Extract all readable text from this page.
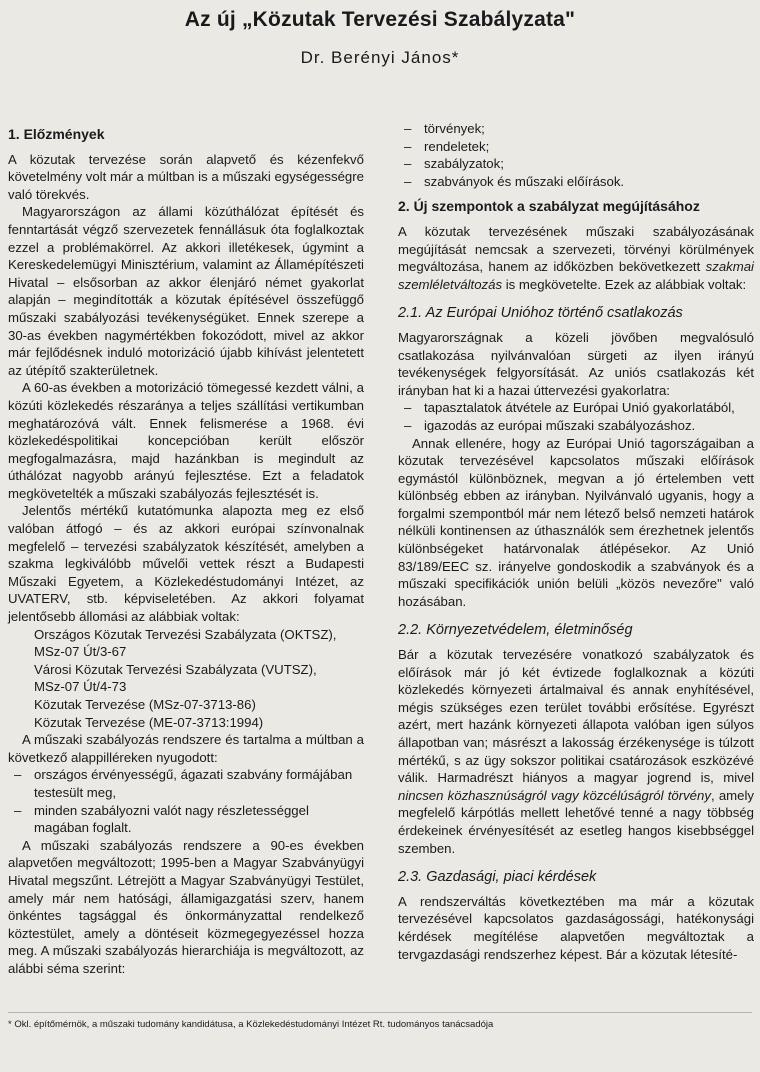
Az új „Közutak Tervezési Szabályzata"
Dr. Berényi János*
1. Előzmények

A közutak tervezése során alapvető és kézenfekvő követelmény volt már a múltban is a műszaki egységességre való törekvés.

Magyarországon az állami közúthálózat építését és fenntartását végző szervezetek fennállásuk óta foglalkoztak ezzel a problémakörrel. Az akkori illetékesek, úgymint a Kereskedelemügyi Minisztérium, valamint az Államépítészeti Hivatal – elsősorban az akkor élenjáró német gyakorlat alapján – megindították a közutak építésével összefüggő műszaki szabályozási tevékenységüket. Ennek szerepe a 30-as években nagymértékben fokozódott, mivel az akkor már fejlődésnek induló motorizáció újabb kihívást jelentetett az útépítő szakterületnek.

A 60-as években a motorizáció tömegessé kezdett válni, a közúti közlekedés részaránya a teljes szállítási vertikumban meghatározóvá vált. Ennek felismerése a 1968. évi közlekedéspolitikai koncepcióban került először megfogalmazásra, majd hazánkban is megindult az úthálózat nagyobb arányú fejlesztése. Ezt a feladatok megkövetelték a műszaki szabályozás fejlesztését is.

Jelentős mértékű kutatómunka alapozta meg ez első valóban átfogó – és az akkori európai színvonalnak megfelelő – tervezési szabályzatok készítését, amelyben a szakma legkiválóbb művelői vettek részt a Budapesti Műszaki Egyetem, a Közlekedéstudományi Intézet, az UVATERV, stb. képviseletében. Az akkori folyamat jelentősebb állomási az alábbiak voltak:

Országos Közutak Tervezési Szabályzata (OKTSZ),
MSz-07 Út/3-67
Városi Közutak Tervezési Szabályzata (VUTSZ),
MSz-07 Út/4-73
Közutak Tervezése (MSz-07-3713-86)
Közutak Tervezése (ME-07-3713:1994)

A műszaki szabályozás rendszere és tartalma a múltban a következő alappilléreken nyugodott:

– országos érvényességű, ágazati szabvány formájában testesült meg,
– minden szabályozni valót nagy részletességgel magában foglalt.

A műszaki szabályozás rendszere a 90-es években alapvetően megváltozott; 1995-ben a Magyar Szabványügyi Hivatal megszűnt. Létrejött a Magyar Szabványügyi Testület, amely már nem hatósági, államigazgatási szerv, hanem önkéntes tagsággal és önkormányzattal rendelkező köztestület, amely a döntéseit közmegegyezéssel hozza meg. A műszaki szabályozás hierarchiája is megváltozott, az alábbi séma szerint:

– törvények;
– rendeletek;
– szabályzatok;
– szabványok és műszaki előírások.
2. Új szempontok a szabályzat megújításához

A közutak tervezésének műszaki szabályozásának megújítását nemcsak a szervezeti, törvényi körülmények megváltozása, hanem az időközben bekövetkezett szakmai szemléletváltozás is megkövetelte. Ezek az alábbiak voltak:

2.1. Az Európai Unióhoz történő csatlakozás

Magyarországnak a közeli jövőben megvalósuló csatlakozása nyilvánvalóan sürgeti az ilyen irányú tevékenységek felgyorsítását. Az uniós csatlakozás két irányban hat ki a hazai úttervezési gyakorlatra:

– tapasztalatok átvétele az Európai Unió gyakorlatából,
– igazodás az európai műszaki szabályozáshoz.

Annak ellenére, hogy az Európai Unió tagországaiban a közutak tervezésével kapcsolatos műszaki előírások egymástól különböznek, megvan a jó értelemben vett különbség ebben az irányban. Nyilvánvaló ugyanis, hogy a forgalmi szempontból már nem létező belső nemzeti határok nélküli kontinensen az úthasználók sem érezhetnek jelentős különbségeket határvonalak átlépésekor. Az Unió 83/189/EEC sz. irányelve gondoskodik a szabványok és a műszaki specifikációk unión belüli „közös nevezőre" való hozásában.

2.2. Környezetvédelem, életminőség

Bár a közutak tervezésére vonatkozó szabályzatok és előírások már jó két évtizede foglalkoznak a közúti közlekedés környezeti ártalmaival és annak enyhítésével, mégis szükséges ezen terület további erősítése. Egyrészt azért, mert hazánk környezeti állapota valóban igen súlyos állapotban van; másrészt a lakosság érzékenysége is túlzott mértékű, s az ügy sokszor politikai csatározások eszközévé válik. Harmadrészt hiányos a magyar jogrend is, mivel nincsen közhasznúságról vagy közcélúságról törvény, amely megfelelő kárpótlás mellett lehetővé tenné a nagy többség érdekeinek érvényesítését az esetleg hangos kisebbséggel szemben.

2.3. Gazdasági, piaci kérdések

A rendszerváltás következtében ma már a közutak tervezésével kapcsolatos gazdaságossági, hatékonysági kérdések megítélése alapvetően megváltoztak a tervgazdasági rendszerhez képest. Bár a közutak létesíté-

* Okl. építőmérnök, a műszaki tudomány kandidátusa, a Közlekedéstudományi Intézet Rt. tudományos tanácsadója
